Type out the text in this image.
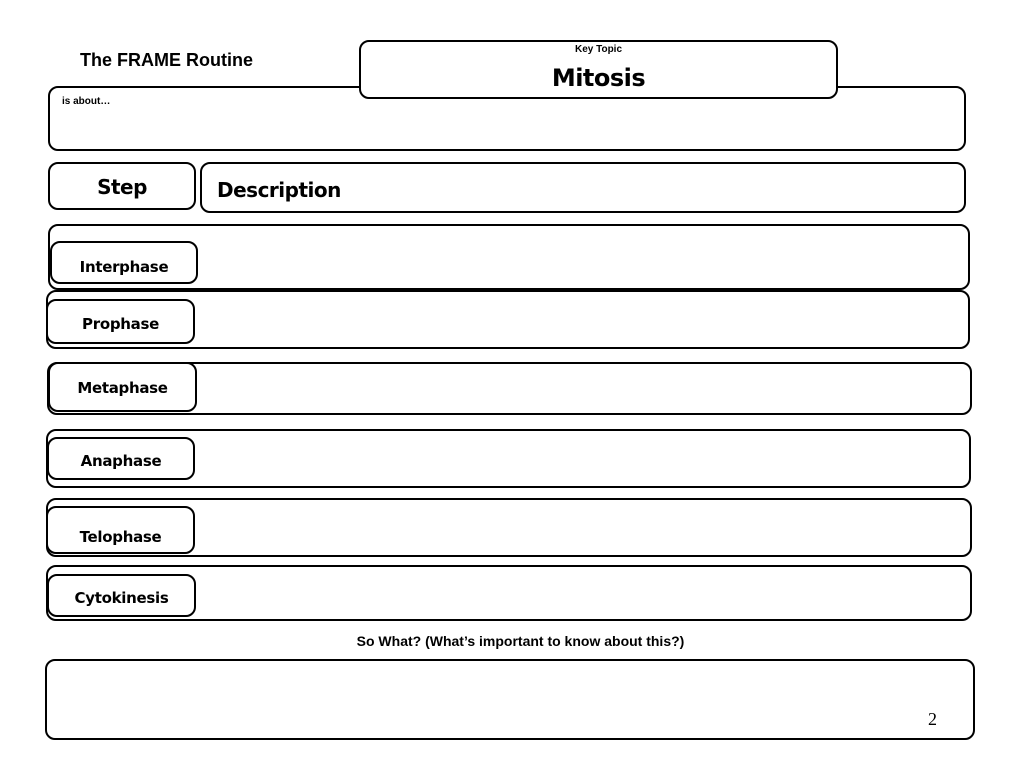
The FRAME Routine
Key Topic
Mitosis
is about…
Step	Description
Interphase
Prophase
Metaphase
Anaphase
Telophase
Cytokinesis
So What? (What’s important to know about this?)
2
